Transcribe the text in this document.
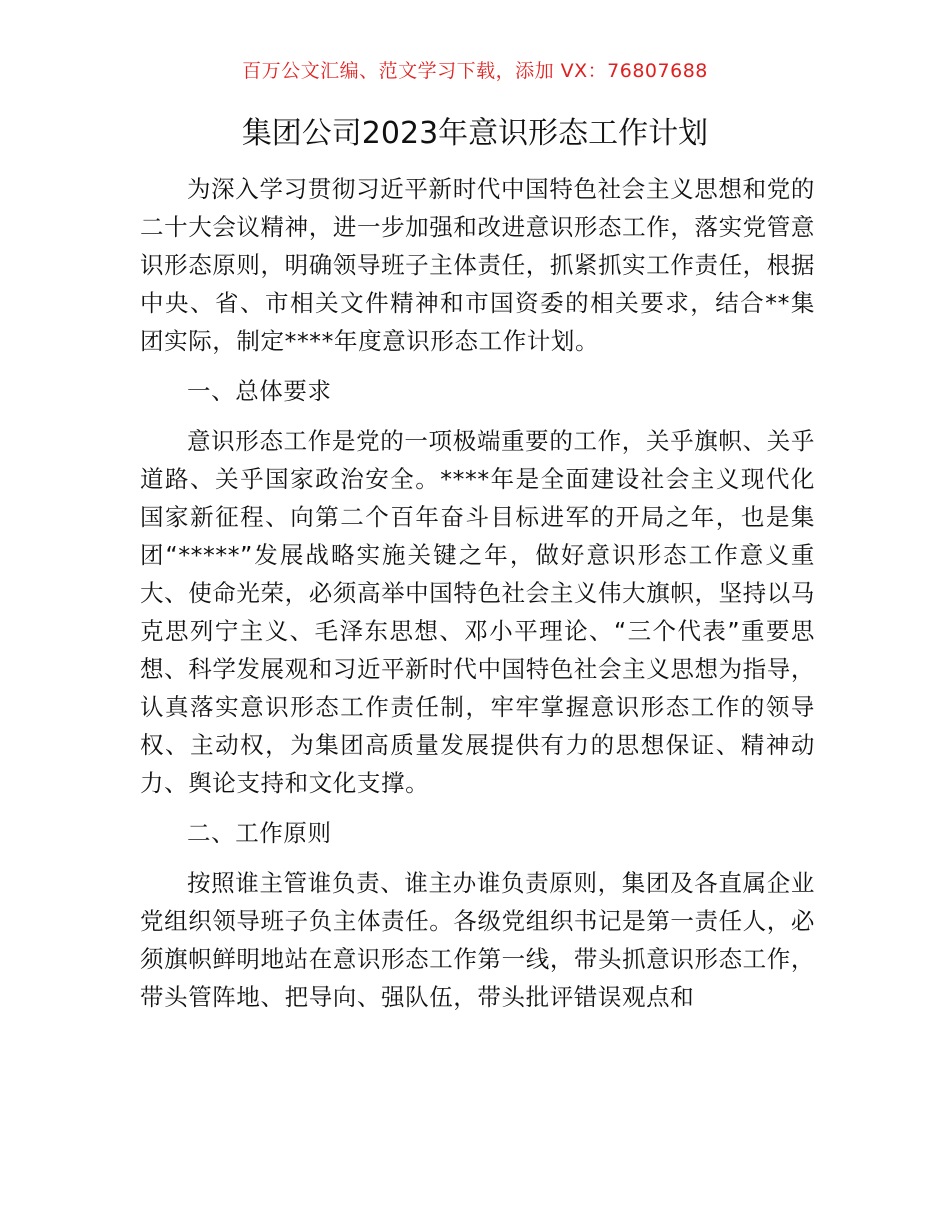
百万公文汇编、范文学习下载，添加 VX：76807688
集团公司2023年意识形态工作计划

为深入学习贯彻习近平新时代中国特色社会主义思想和党的二十大会议精神，进一步加强和改进意识形态工作，落实党管意识形态原则，明确领导班子主体责任，抓紧抓实工作责任，根据中央、省、市相关文件精神和市国资委的相关要求，结合**集团实际，制定****年度意识形态工作计划。

一、总体要求

意识形态工作是党的一项极端重要的工作，关乎旗帜、关乎道路、关乎国家政治安全。****年是全面建设社会主义现代化国家新征程、向第二个百年奋斗目标进军的开局之年，也是集团“*****”发展战略实施关键之年，做好意识形态工作意义重大、使命光荣，必须高举中国特色社会主义伟大旗帜，坚持以马克思列宁主义、毛泽东思想、邓小平理论、“三个代表”重要思想、科学发展观和习近平新时代中国特色社会主义思想为指导，认真落实意识形态工作责任制，牢牢掌握意识形态工作的领导权、主动权，为集团高质量发展提供有力的思想保证、精神动力、舆论支持和文化支撑。

二、工作原则

按照谁主管谁负责、谁主办谁负责原则，集团及各直属企业党组织领导班子负主体责任。各级党组织书记是第一责任人，必须旗帜鲜明地站在意识形态工作第一线，带头抓意识形态工作，带头管阵地、把导向、强队伍，带头批评错误观点和
